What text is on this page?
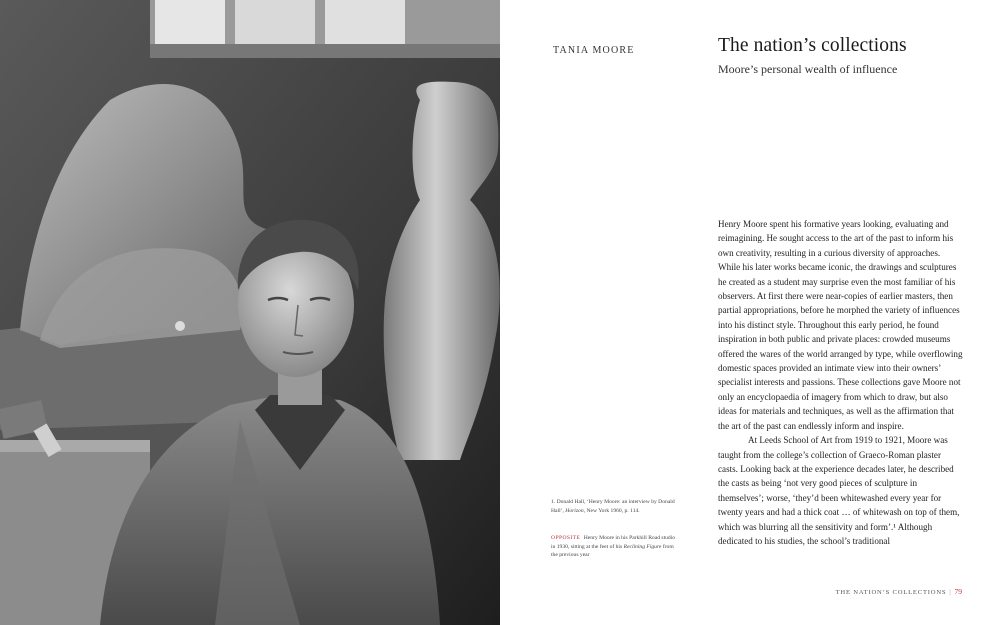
TANIA MOORE	The nation’s collections
Moore’s personal wealth of influence

Henry Moore spent his formative years looking, evaluating and reimagining. He sought access to the art of the past to inform his own creativity, resulting in a curious diversity of approaches. While his later works became iconic, the drawings and sculptures he created as a student may surprise even the most familiar of his observers. At first there were near-copies of earlier masters, then partial appropriations, before he morphed the variety of influences into his distinct style. Throughout this early period, he found inspiration in both public and private places: crowded museums offered the wares of the world arranged by type, while overflowing domestic spaces provided an intimate view into their owners’ specialist interests and passions. These collections gave Moore not only an encyclopaedia of imagery from which to draw, but also ideas for materials and techniques, as well as the affirmation that the art of the past can endlessly inform and inspire.

At Leeds School of Art from 1919 to 1921, Moore was taught from the college’s collection of Graeco-Roman plaster casts. Looking back at the experience decades later, he described the casts as being ‘not very good pieces of sculpture in themselves’; worse, ‘they’d been whitewashed every year for twenty years and had a thick coat … of whitewash on top of them, which was blurring all the sensitivity and form’.¹ Although dedicated to his studies, the school’s traditional

1. Donald Hall, ‘Henry Moore: an interview by Donald Hall’, Horizon, New York 1960, p. 114.
OPPOSITE Henry Moore in his Parkhill Road studio in 1930, sitting at the feet of his Reclining Figure from the previous year
THE NATION’S COLLECTIONS | 79
